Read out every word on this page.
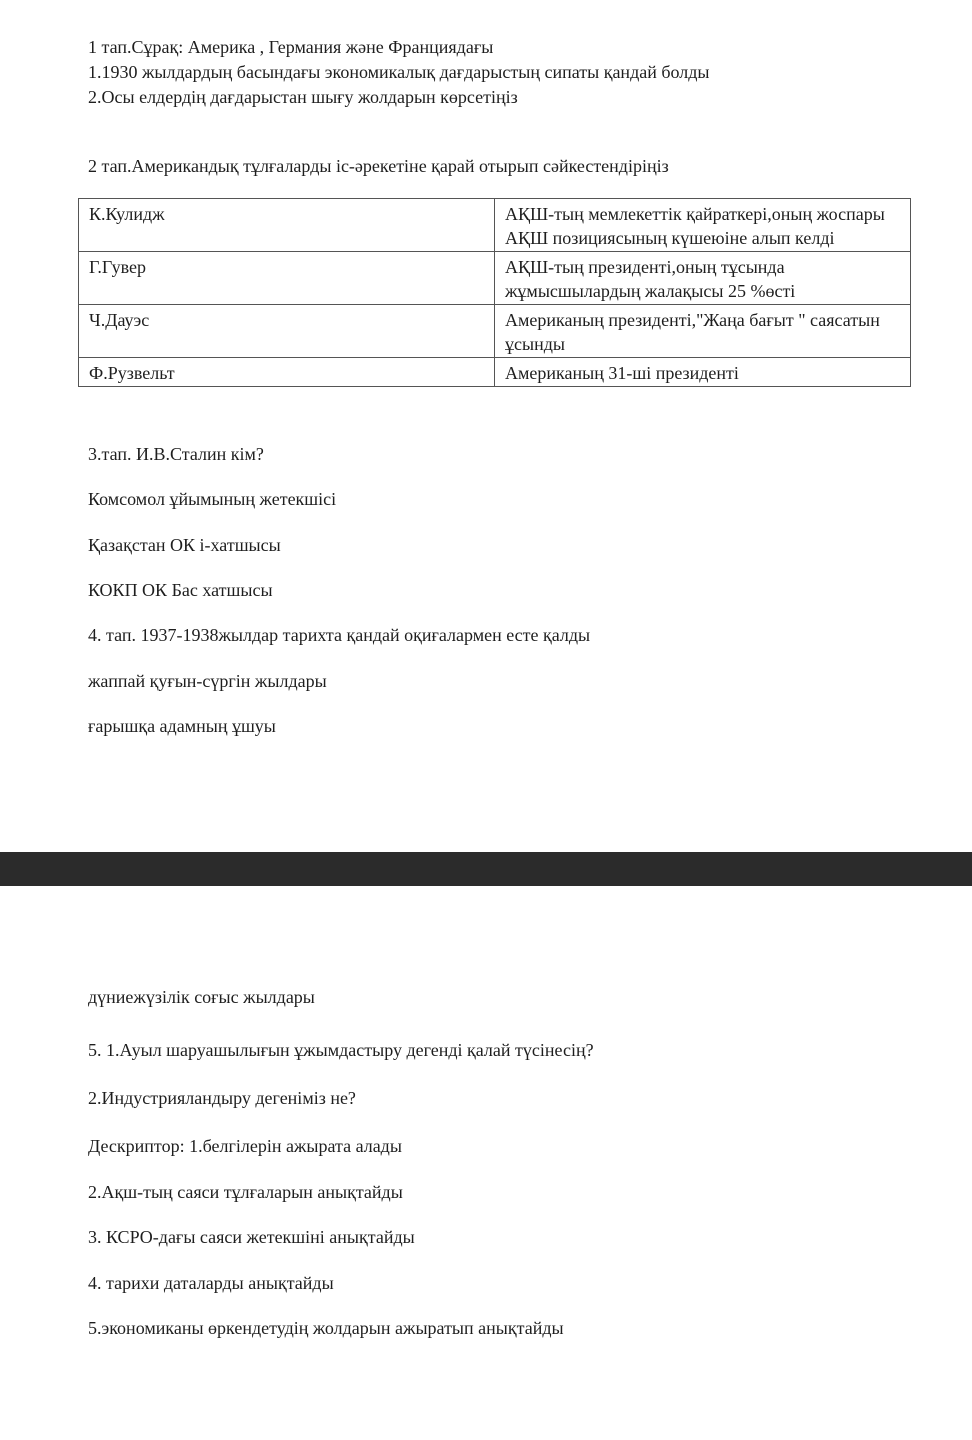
1 тап.Сұрақ: Америка , Германия және Франциядағы
1.1930 жылдардың басындағы экономикалық дағдарыстың сипаты қандай болды
2.Осы елдердің дағдарыстан шығу жолдарын көрсетіңіз
2 тап.Американдық тұлғаларды іс-әрекетіне қарай отырып сәйкестендіріңіз
К.Кулидж	АҚШ-тың мемлекеттік қайраткері,оның жоспары АҚШ позициясының күшеюіне алып келді
Г.Гувер	АҚШ-тың президенті,оның тұсында жұмысшылардың жалақысы 25 %өсті
Ч.Дауэс	Американың президенті,"Жаңа бағыт " саясатын ұсынды
Ф.Рузвельт	Американың 31-ші президенті
3.тап. И.В.Сталин кім?
Комсомол ұйымының жетекшісі
Қазақстан ОК і-хатшысы
КОКП ОК Бас хатшысы
4. тап. 1937-1938жылдар тарихта қандай оқиғалармен есте қалды
жаппай қуғын-сүргін жылдары
ғарышқа адамның ұшуы
дүниежүзілік соғыс жылдары
5. 1.Ауыл шаруашылығын ұжымдастыру дегенді қалай түсінесің?
2.Индустрияландыру дегеніміз не?
Дескриптор: 1.белгілерін ажырата алады
2.Ақш-тың саяси тұлғаларын анықтайды
3. КСРО-дағы саяси жетекшіні анықтайды
4. тарихи даталарды анықтайды
5.экономиканы өркендетудің жолдарын ажыратып анықтайды
